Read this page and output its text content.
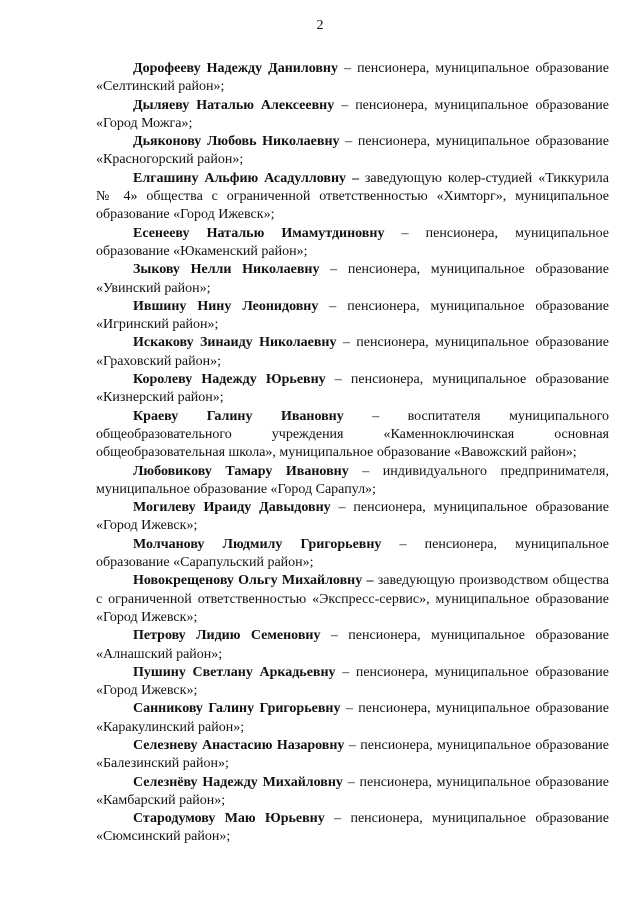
2

Дорофееву Надежду Даниловну – пенсионера, муниципальное образование «Селтинский район»;

Дыляеву Наталью Алексеевну – пенсионера, муниципальное образование «Город Можга»;

Дьяконову Любовь Николаевну – пенсионера, муниципальное образование «Красногорский район»;

Елгашину Альфию Асадулловну – заведующую колер-студией «Тиккурила № 4» общества с ограниченной ответственностью «Химторг», муниципальное образование «Город Ижевск»;

Есенееву Наталью Имамутдиновну – пенсионера, муниципальное образование «Юкаменский район»;

Зыкову Нелли Николаевну – пенсионера, муниципальное образование «Увинский район»;

Ившину Нину Леонидовну – пенсионера, муниципальное образование «Игринский район»;

Искакову Зинаиду Николаевну – пенсионера, муниципальное образование «Граховский район»;

Королеву Надежду Юрьевну – пенсионера, муниципальное образование «Кизнерский район»;

Краеву Галину Ивановну – воспитателя муниципального общеобразовательного учреждения «Каменноключинская основная общеобразовательная школа», муниципальное образование «Вавожский район»;

Любовикову Тамару Ивановну – индивидуального предпринимателя, муниципальное образование «Город Сарапул»;

Могилеву Ираиду Давыдовну – пенсионера, муниципальное образование «Город Ижевск»;

Молчанову Людмилу Григорьевну – пенсионера, муниципальное образование «Сарапульский район»;

Новокрещенову Ольгу Михайловну – заведующую производством общества с ограниченной ответственностью «Экспресс-сервис», муниципальное образование «Город Ижевск»;

Петрову Лидию Семеновну – пенсионера, муниципальное образование «Алнашский район»;

Пушину Светлану Аркадьевну – пенсионера, муниципальное образование «Город Ижевск»;

Санникову Галину Григорьевну – пенсионера, муниципальное образование «Каракулинский район»;

Селезневу Анастасию Назаровну – пенсионера, муниципальное образование «Балезинский район»;

Селезнёву Надежду Михайловну – пенсионера, муниципальное образование «Камбарский район»;

Стародумову Маю Юрьевну – пенсионера, муниципальное образование «Сюмсинский район»;
